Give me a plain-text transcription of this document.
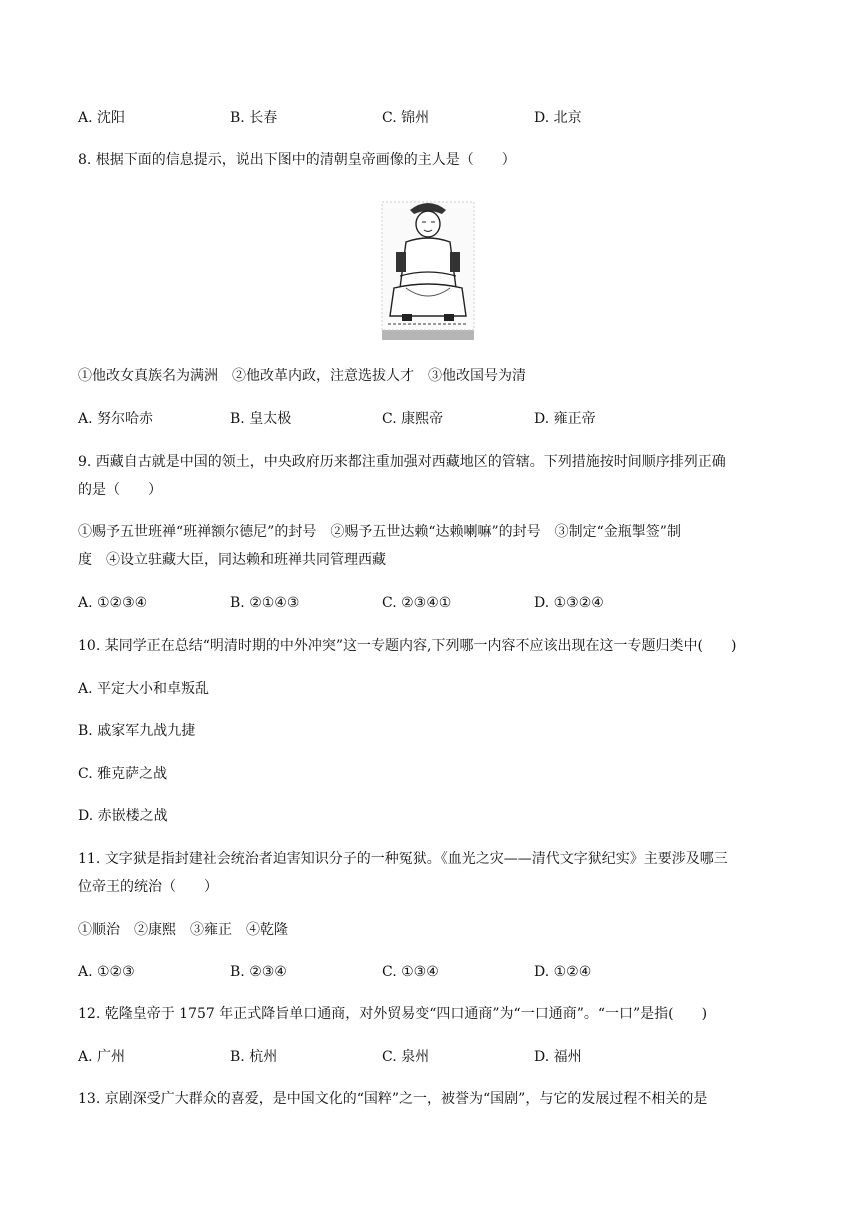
A. 沈阳	B. 长春	C. 锦州	D. 北京
8. 根据下面的信息提示，说出下图中的清朝皇帝画像的主人是（　　）
①他改女真族名为满洲　②他改革内政，注意选拔人才　③他改国号为清
A. 努尔哈赤	B. 皇太极	C. 康熙帝	D. 雍正帝
9. 西藏自古就是中国的领土，中央政府历来都注重加强对西藏地区的管辖。下列措施按时间顺序排列正确
的是（　　）
①赐予五世班禅“班禅额尔德尼”的封号　②赐予五世达赖“达赖喇嘛”的封号　③制定“金瓶掣签”制
度　④设立驻藏大臣，同达赖和班禅共同管理西藏
A. ①②③④	B. ②①④③	C. ②③④①	D. ①③②④
10. 某同学正在总结“明清时期的中外冲突”这一专题内容,下列哪一内容不应该出现在这一专题归类中(　　)
A. 平定大小和卓叛乱
B. 戚家军九战九捷
C. 雅克萨之战
D. 赤嵌楼之战
11. 文字狱是指封建社会统治者迫害知识分子的一种冤狱。《血光之灾——清代文字狱纪实》主要涉及哪三
位帝王的统治（　　）
①顺治　②康熙　③雍正　④乾隆
A. ①②③	B. ②③④	C. ①③④	D. ①②④
12. 乾隆皇帝于 1757 年正式降旨单口通商，对外贸易变“四口通商”为“一口通商”。“一口”是指(　　)
A. 广州	B. 杭州	C. 泉州	D. 福州
13. 京剧深受广大群众的喜爱，是中国文化的“国粹”之一，被誉为“国剧”，与它的发展过程不相关的是
